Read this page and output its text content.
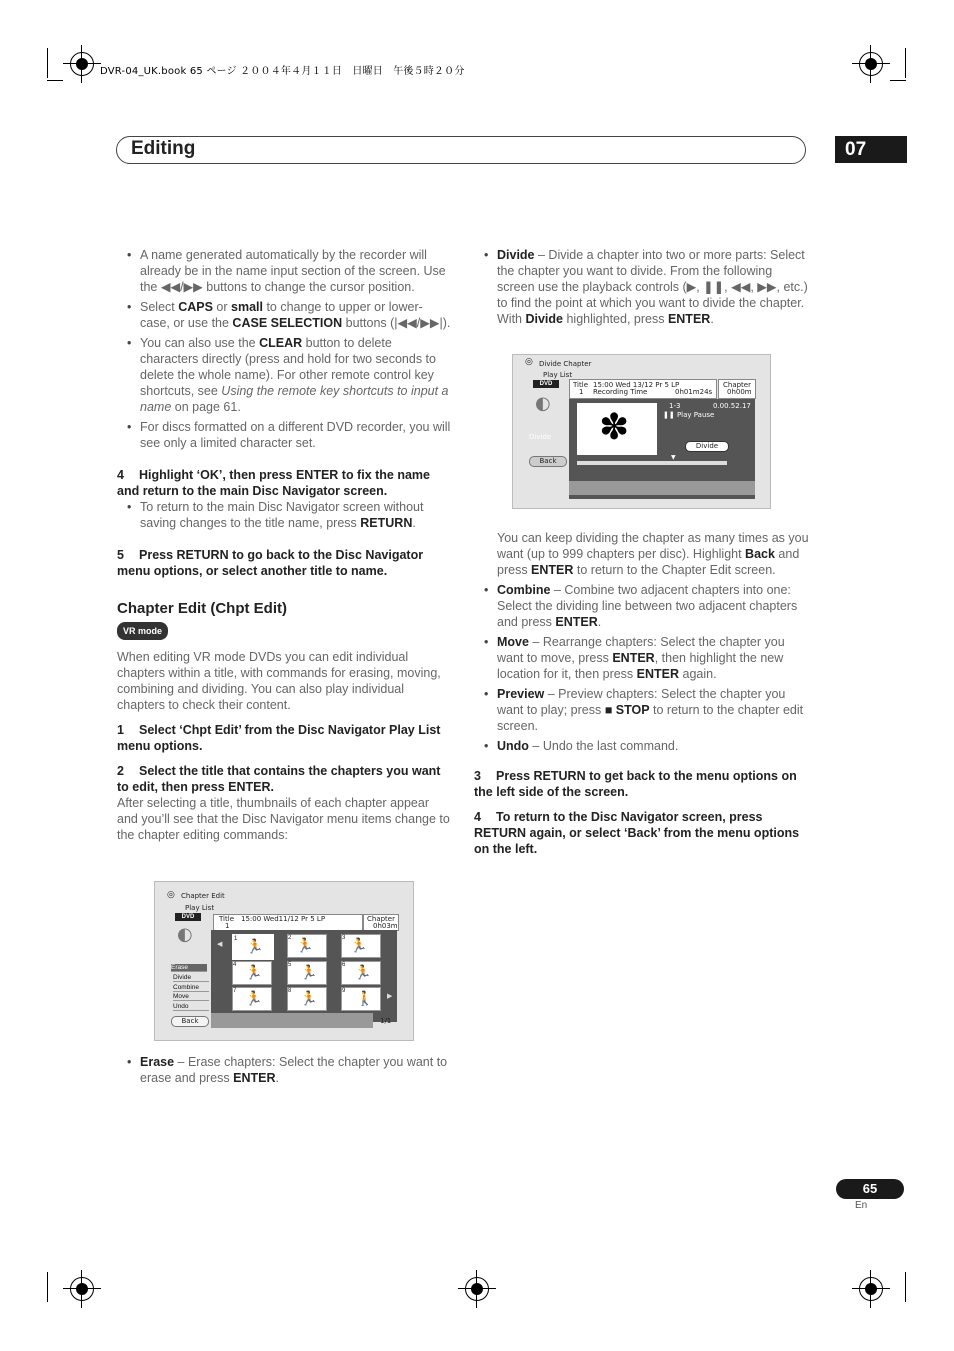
DVR-04_UK.book 65 ページ ２００４年４月１１日　日曜日　午後５時２０分
Editing	07
• A name generated automatically by the recorder will already be in the name input section of the screen. Use the ◀◀/▶▶ buttons to change the cursor position.
• Select CAPS or small to change to upper or lower-case, or use the CASE SELECTION buttons (|◀◀/▶▶|).
• You can also use the CLEAR button to delete characters directly (press and hold for two seconds to delete the whole name). For other remote control key shortcuts, see Using the remote key shortcuts to input a name on page 61.
• For discs formatted on a different DVD recorder, you will see only a limited character set.

4 Highlight ‘OK’, then press ENTER to fix the name and return to the main Disc Navigator screen.

• To return to the main Disc Navigator screen without saving changes to the title name, press RETURN.

5 Press RETURN to go back to the Disc Navigator menu options, or select another title to name.

Chapter Edit (Chpt Edit)
VR mode

When editing VR mode DVDs you can edit individual chapters within a title, with commands for erasing, moving, combining and dividing. You can also play individual chapters to check their content.

1 Select ‘Chpt Edit’ from the Disc Navigator Play List menu options.

2 Select the title that contains the chapters you want to edit, then press ENTER.

After selecting a title, thumbnails of each chapter appear and you’ll see that the Disc Navigator menu items change to the chapter editing commands:

◎ Chapter Edit
Play List
DVD
◐
Title
1
15:00 Wed11/12 Pr 5 LP	Chapter
0h03m
◀
▶
1 🏃	2 🏃	3 🏃
4 🏃	5 🏃	6 🏃
7 🏃	8 🏃	9 🚶
Erase
Divide
Combine
Move
Undo
Back	1/1
• Erase – Erase chapters: Select the chapter you want to erase and press ENTER.
• Divide – Divide a chapter into two or more parts: Select the chapter you want to divide. From the following screen use the playback controls (▶, ❚❚, ◀◀, ▶▶, etc.) to find the point at which you want to divide the chapter. With Divide highlighted, press ENTER.
◎ Divide Chapter
Play List
DVD
◐
Title
1
15:00 Wed 13/12 Pr 5 LP
Recording Time	0h01m24s
Chapter
0h00m
✽	1-3	0.00.52.17
❚❚ Play Pause
Divide
▼
Divide
Back

You can keep dividing the chapter as many times as you want (up to 999 chapters per disc). Highlight Back and press ENTER to return to the Chapter Edit screen.

• Combine – Combine two adjacent chapters into one: Select the dividing line between two adjacent chapters and press ENTER.
• Move – Rearrange chapters: Select the chapter you want to move, press ENTER, then highlight the new location for it, then press ENTER again.
• Preview – Preview chapters: Select the chapter you want to play; press ■ STOP to return to the chapter edit screen.
• Undo – Undo the last command.

3 Press RETURN to get back to the menu options on the left side of the screen.

4 To return to the Disc Navigator screen, press RETURN again, or select ‘Back’ from the menu options on the left.

65
En
